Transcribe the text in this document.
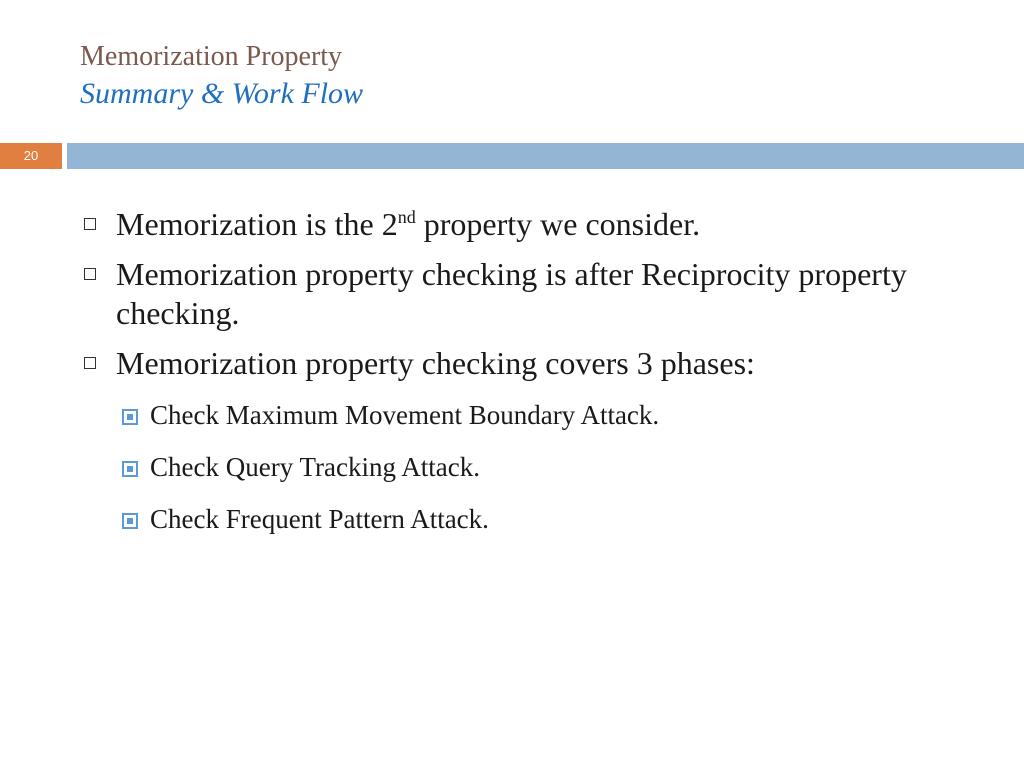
Memorization Property
Summary & Work Flow
20
Memorization is the 2nd property we consider.
Memorization property checking is after Reciprocity property checking.
Memorization property checking covers 3 phases:
Check Maximum Movement Boundary Attack.
Check Query Tracking Attack.
Check Frequent Pattern Attack.
